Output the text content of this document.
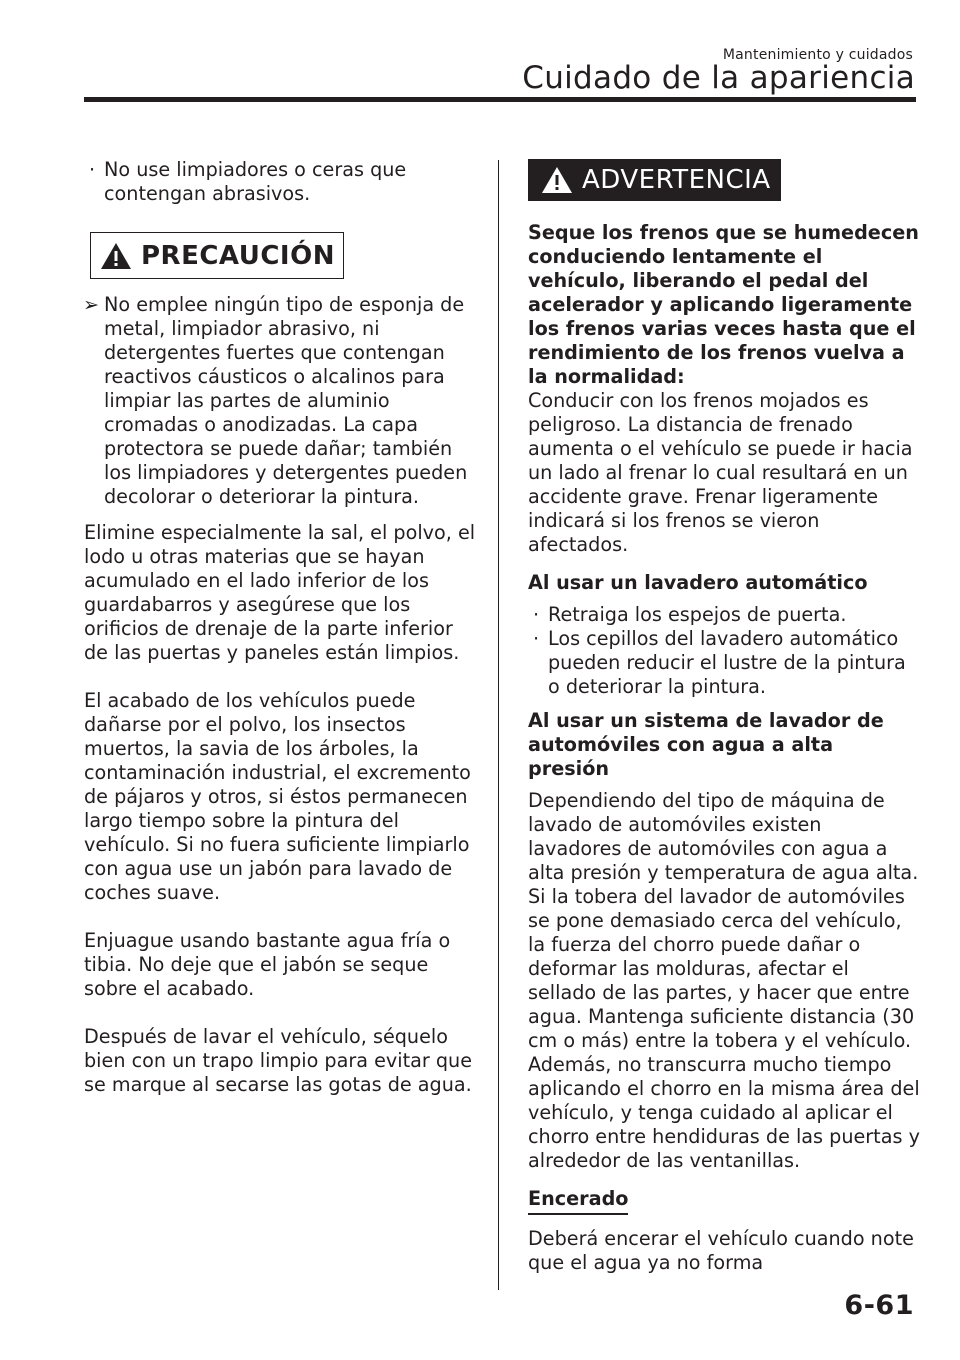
Mantenimiento y cuidados
Cuidado de la apariencia
· No use limpiadores o ceras que contengan abrasivos.
PRECAUCIÓN
➢ No emplee ningún tipo de esponja de metal, limpiador abrasivo, ni detergentes fuertes que contengan reactivos cáusticos o alcalinos para limpiar las partes de aluminio cromadas o anodizadas. La capa protectora se puede dañar; también los limpiadores y detergentes pueden decolorar o deteriorar la pintura.
Elimine especialmente la sal, el polvo, el lodo u otras materias que se hayan acumulado en el lado inferior de los guardabarros y asegúrese que los orificios de drenaje de la parte inferior de las puertas y paneles están limpios.
El acabado de los vehículos puede dañarse por el polvo, los insectos muertos, la savia de los árboles, la contaminación industrial, el excremento de pájaros y otros, si éstos permanecen largo tiempo sobre la pintura del vehículo. Si no fuera suficiente limpiarlo con agua use un jabón para lavado de coches suave.
Enjuague usando bastante agua fría o tibia. No deje que el jabón se seque sobre el acabado.
Después de lavar el vehículo, séquelo bien con un trapo limpio para evitar que se marque al secarse las gotas de agua.
ADVERTENCIA
Seque los frenos que se humedecen conduciendo lentamente el vehículo, liberando el pedal del acelerador y aplicando ligeramente los frenos varias veces hasta que el rendimiento de los frenos vuelva a la normalidad:
Conducir con los frenos mojados es peligroso. La distancia de frenado aumenta o el vehículo se puede ir hacia un lado al frenar lo cual resultará en un accidente grave. Frenar ligeramente indicará si los frenos se vieron afectados.
Al usar un lavadero automático
· Retraiga los espejos de puerta.
· Los cepillos del lavadero automático pueden reducir el lustre de la pintura o deteriorar la pintura.
Al usar un sistema de lavador de automóviles con agua a alta presión
Dependiendo del tipo de máquina de lavado de automóviles existen lavadores de automóviles con agua a alta presión y temperatura de agua alta. Si la tobera del lavador de automóviles se pone demasiado cerca del vehículo, la fuerza del chorro puede dañar o deformar las molduras, afectar el sellado de las partes, y hacer que entre agua. Mantenga suficiente distancia (30 cm o más) entre la tobera y el vehículo. Además, no transcurra mucho tiempo aplicando el chorro en la misma área del vehículo, y tenga cuidado al aplicar el chorro entre hendiduras de las puertas y alrededor de las ventanillas.
Encerado
Deberá encerar el vehículo cuando note que el agua ya no forma
6-61
